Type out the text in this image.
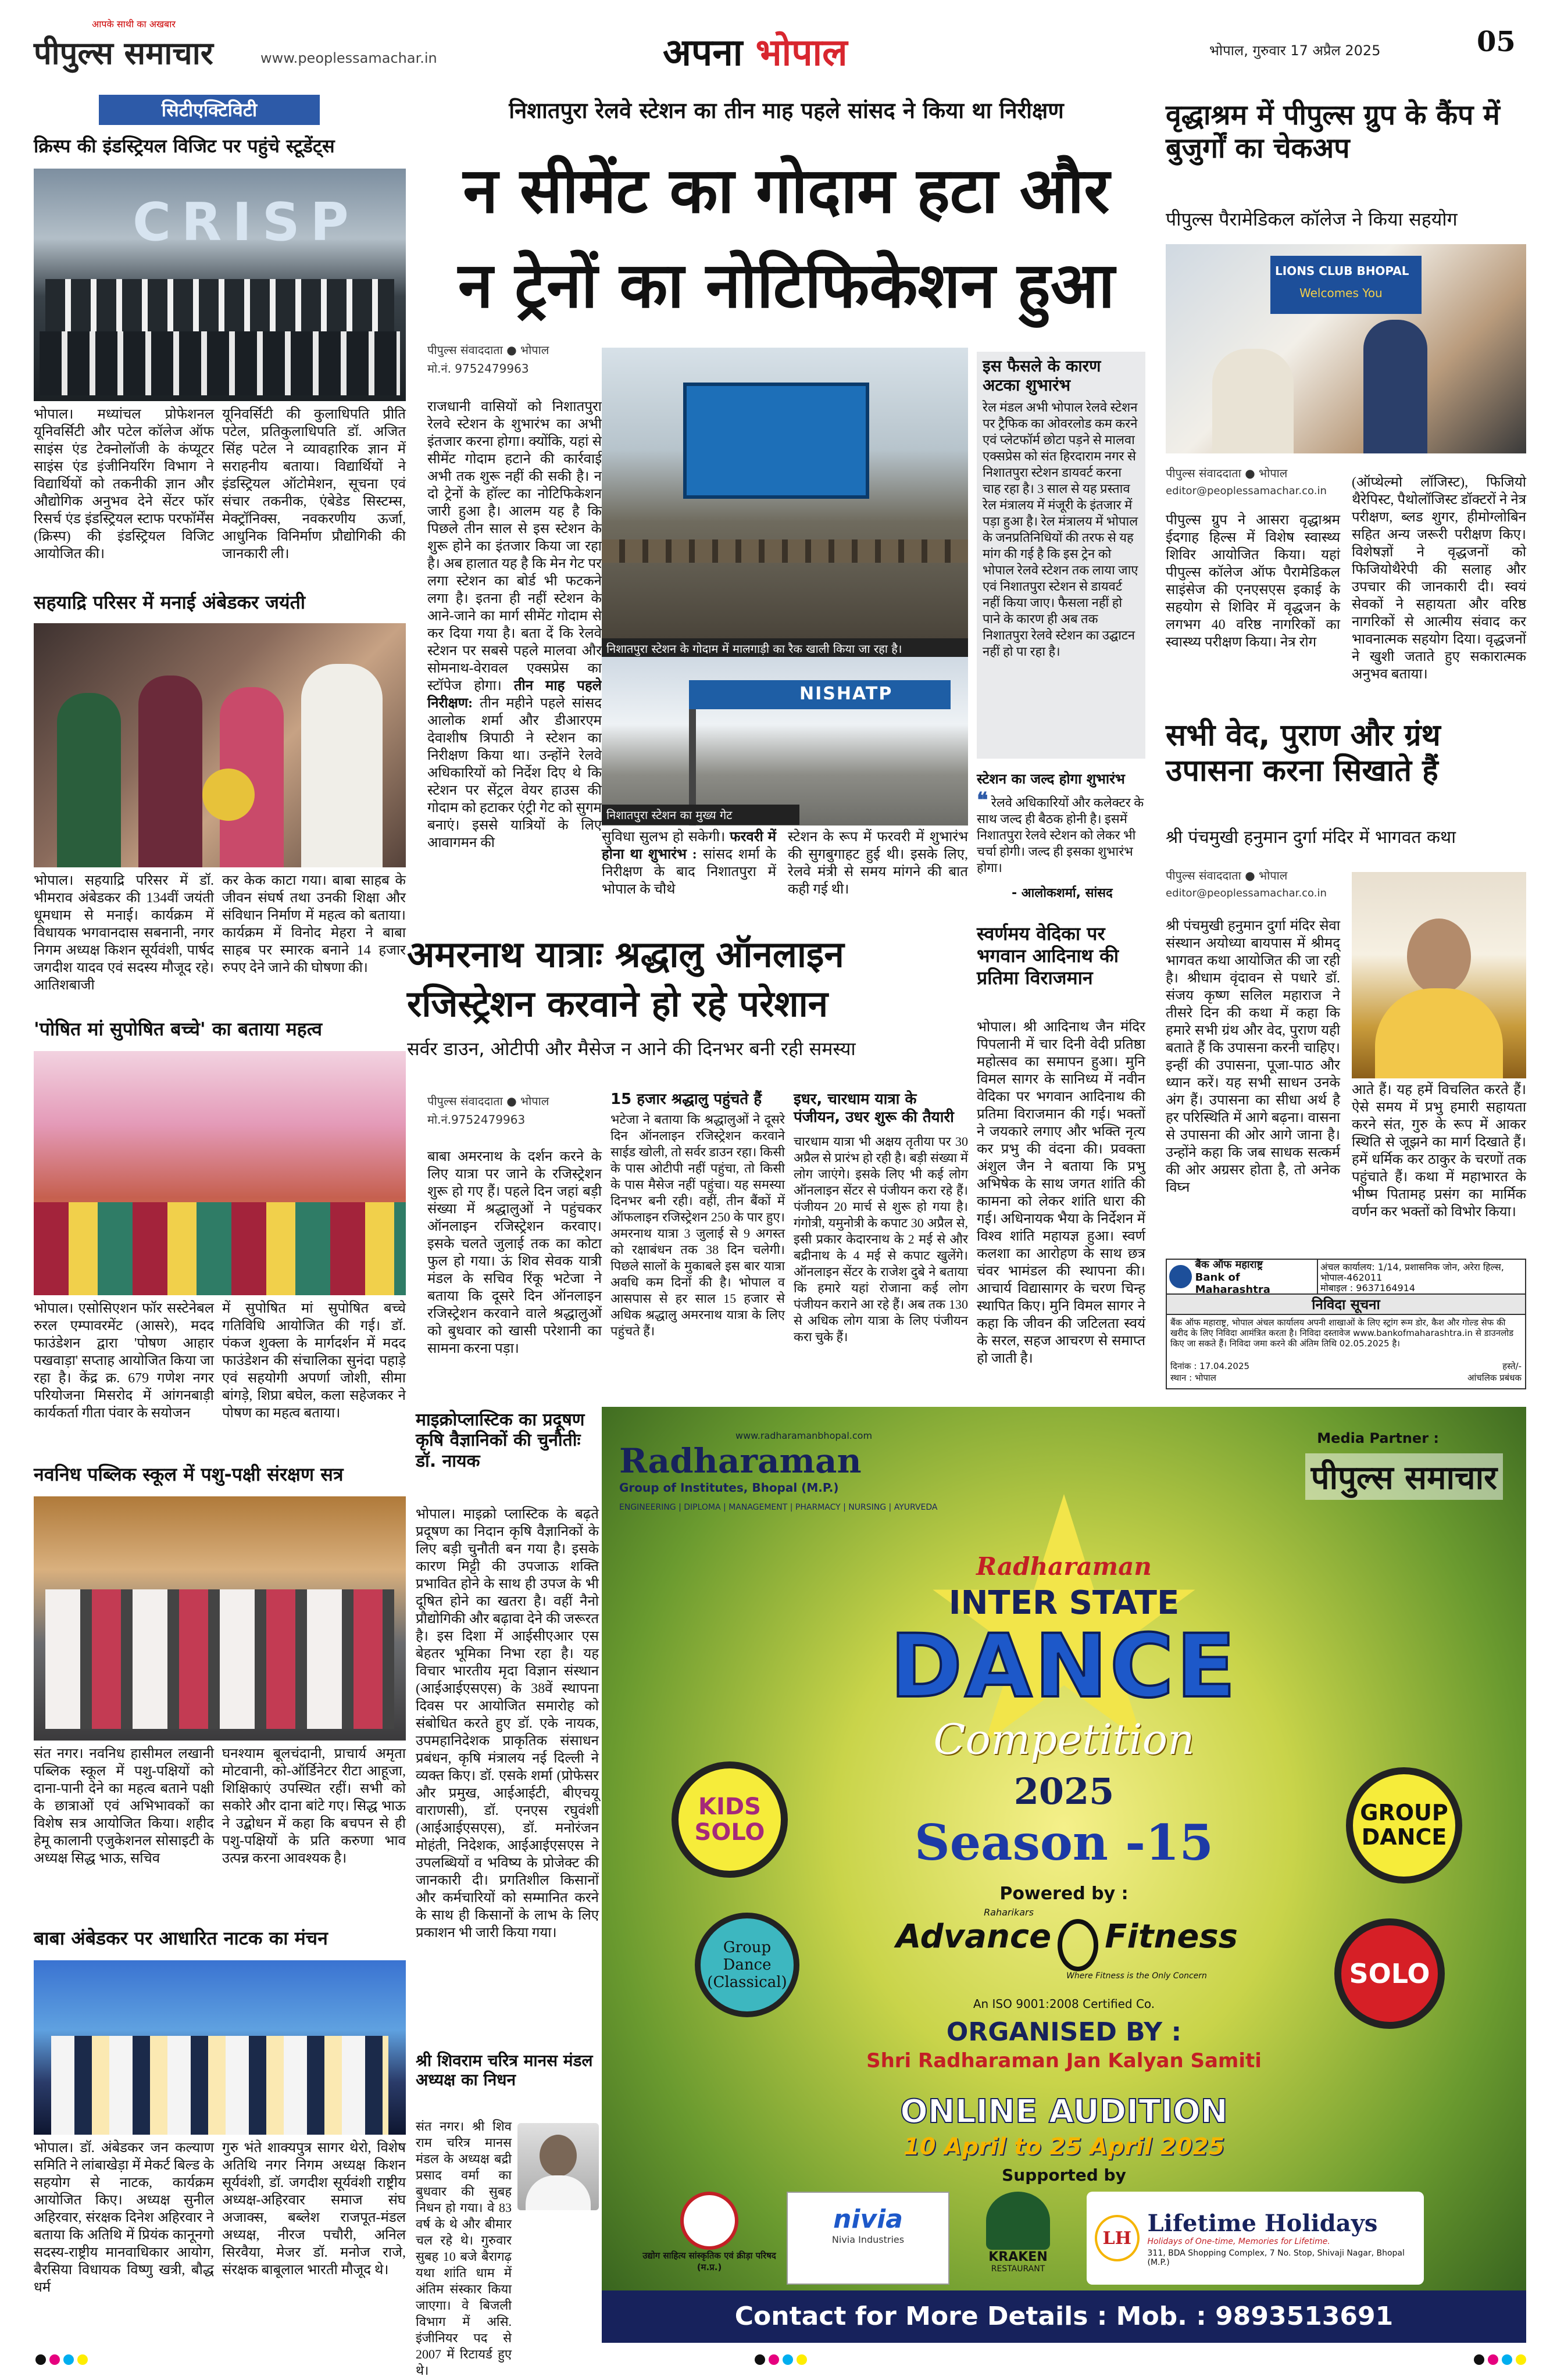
आपके साथी का अखबार
पीपुल्स समाचार	www.peoplessamachar.in	अपना भोपाल	भोपाल, गुरुवार 17 अप्रैल 2025	05
सिटीएक्टिविटी
क्रिस्प की इंडस्ट्रियल विजिट पर पहुंचे स्टूडेंट्स
CRISP
भोपाल। मध्यांचल प्रोफेशनल यूनिवर्सिटी और पटेल कॉलेज ऑफ साइंस एंड टेक्नोलॉजी के कंप्यूटर साइंस एंड इंजीनियरिंग विभाग ने विद्यार्थियों को तकनीकी ज्ञान और औद्योगिक अनुभव देने सेंटर फॉर रिसर्च एंड इंडस्ट्रियल स्टाफ परफॉर्मेंस (क्रिस्प) की इंडस्ट्रियल विजिट आयोजित की।
यूनिवर्सिटी की कुलाधिपति प्रीति पटेल, प्रतिकुलाधिपति डॉ. अजित सिंह पटेल ने व्यावहारिक ज्ञान में सराहनीय बताया। विद्यार्थियों ने इंडस्ट्रियल ऑटोमेशन, सूचना एवं संचार तकनीक, एंबेडेड सिस्टम्स, मेक्ट्रॉनिक्स, नवकरणीय ऊर्जा, आधुनिक विनिर्माण प्रौद्योगिकी की जानकारी ली।
सहयाद्रि परिसर में मनाई अंबेडकर जयंती
भोपाल। सहयाद्रि परिसर में डॉ. भीमराव अंबेडकर की 134वीं जयंती धूमधाम से मनाई। कार्यक्रम में विधायक भगवानदास सबनानी, नगर निगम अध्यक्ष किशन सूर्यवंशी, पार्षद जगदीश यादव एवं सदस्य मौजूद रहे। आतिशबाजी
कर केक काटा गया। बाबा साहब के जीवन संघर्ष तथा उनकी शिक्षा और संविधान निर्माण में महत्व को बताया। कार्यक्रम में विनोद मेहरा ने बाबा साहब पर स्मारक बनाने 14 हजार रुपए देने जाने की घोषणा की।
'पोषित मां सुपोषित बच्चे' का बताया महत्व
भोपाल। एसोसिएशन फॉर सस्टेनेबल रुरल एम्पावरमेंट (आसरे), मदद फाउंडेशन द्वारा 'पोषण आहार पखवाड़ा' सप्ताह आयोजित किया जा रहा है। केंद्र क्र. 679 गणेश नगर परियोजना मिसरोद में आंगनबाड़ी कार्यकर्ता गीता पंवार के सयोजन
में सुपोषित मां सुपोषित बच्चे गतिविधि आयोजित की गई। डॉ. पंकज शुक्ला के मार्गदर्शन में मदद फाउंडेशन की संचालिका सुनंदा पहाड़े एवं सहयोगी अपर्णा जोशी, सीमा बांगड़े, शिप्रा बघेल, कला सहेजकर ने पोषण का महत्व बताया।
नवनिध पब्लिक स्कूल में पशु-पक्षी संरक्षण सत्र
संत नगर। नवनिध हासीमल लखानी पब्लिक स्कूल में पशु-पक्षियों को दाना-पानी देने का महत्व बताने पक्षी के छात्राओं एवं अभिभावकों का विशेष सत्र आयोजित किया। शहीद हेमू कालानी एजुकेशनल सोसाइटी के अध्यक्ष सिद्ध भाऊ, सचिव
घनश्याम बूलचंदानी, प्राचार्य अमृता मोटवानी, को-ऑर्डिनेटर रीटा आहूजा, शिक्षिकाएं उपस्थित रहीं। सभी को सकोरे और दाना बांटे गए। सिद्ध भाऊ ने उद्बोधन में कहा कि बचपन से ही पशु-पक्षियों के प्रति करुणा भाव उत्पन्न करना आवश्यक है।
बाबा अंबेडकर पर आधारित नाटक का मंचन
भोपाल। डॉ. अंबेडकर जन कल्याण समिति ने लांबाखेड़ा में मेकर्ट बिल्ड के सहयोग से नाटक, कार्यक्रम आयोजित किए। अध्यक्ष सुनील अहिरवार, संरक्षक दिनेश अहिरवार ने बताया कि अतिथि में प्रियंक कानूनगो सदस्य-राष्ट्रीय मानवाधिकार आयोग, बैरसिया विधायक विष्णु खत्री, बौद्ध धर्म
गुरु भंते शाक्यपुत्र सागर थेरो, विशेष अतिथि नगर निगम अध्यक्ष किशन सूर्यवंशी, डॉ. जगदीश सूर्यवंशी राष्ट्रीय अध्यक्ष-अहिरवार समाज संघ अजाक्स, बब्लेश राजपूत-मंडल अध्यक्ष, नीरज पचौरी, अनिल सिरवैया, मेजर डॉ. मनोज राजे, संरक्षक बाबूलाल भारती मौजूद थे।
निशातपुरा रेलवे स्टेशन का तीन माह पहले सांसद ने किया था निरीक्षण
न सीमेंट का गोदाम हटा और
न ट्रेनों का नोटिफिकेशन हुआ
पीपुल्स संवाददाता ● भोपाल
मो.नं. 9752479963
राजधानी वासियों को निशातपुरा रेलवे स्टेशन के शुभारंभ का अभी इंतजार करना होगा। क्योंकि, यहां से सीमेंट गोदाम हटाने की कार्रवाई अभी तक शुरू नहीं की सकी है। न दो ट्रेनों के हॉल्ट का नोटिफिकेशन जारी हुआ है। आलम यह है कि पिछले तीन साल से इस स्टेशन के शुरू होने का इंतजार किया जा रहा है। अब हालात यह है कि मेन गेट पर लगा स्टेशन का बोर्ड भी फटकने लगा है। इतना ही नहीं स्टेशन के आने-जाने का मार्ग सीमेंट गोदाम से कर दिया गया है। बता दें कि रेलवे स्टेशन पर सबसे पहले मालवा और सोमनाथ-वेरावल एक्सप्रेस का स्टॉपेज होगा। तीन माह पहले निरीक्षण: तीन महीने पहले सांसद आलोक शर्मा और डीआरएम देवाशीष त्रिपाठी ने स्टेशन का निरीक्षण किया था। उन्होंने रेलवे अधिकारियों को निर्देश दिए थे कि स्टेशन पर सेंट्रल वेयर हाउस की गोदाम को हटाकर एंट्री गेट को सुगम बनाएं। इससे यात्रियों के लिए आवागमन की
निशातपुरा स्टेशन के गोदाम में मालगाड़ी का रैक खाली किया जा रहा है।
NISHATP
निशातपुरा स्टेशन का मुख्य गेट
सुविधा सुलभ हो सकेगी। फरवरी में होना था शुभारंभ : सांसद शर्मा के निरीक्षण के बाद निशातपुरा में भोपाल के चौथे
स्टेशन के रूप में फरवरी में शुभारंभ की सुगबुगाहट हुई थी। इसके लिए, रेलवे मंत्री से समय मांगने की बात कही गई थी।
इस फैसले के कारण अटका शुभारंभ
रेल मंडल अभी भोपाल रेलवे स्टेशन पर ट्रैफिक का ओवरलोड कम करने एवं प्लेटफॉर्म छोटा पड़ने से मालवा एक्सप्रेस को संत हिरदाराम नगर से निशातपुरा स्टेशन डायवर्ट करना चाह रहा है। 3 साल से यह प्रस्ताव रेल मंत्रालय में मंजूरी के इंतजार में पड़ा हुआ है। रेल मंत्रालय में भोपाल के जनप्रतिनिधियों की तरफ से यह मांग की गई है कि इस ट्रेन को भोपाल रेलवे स्टेशन तक लाया जाए एवं निशातपुरा स्टेशन से डायवर्ट नहीं किया जाए। फैसला नहीं हो पाने के कारण ही अब तक निशातपुरा रेलवे स्टेशन का उद्घाटन नहीं हो पा रहा है।
स्टेशन का जल्द होगा शुभारंभ
❝ रेलवे अधिकारियों और कलेक्टर के साथ जल्द ही बैठक होनी है। इसमें निशातपुरा रेलवे स्टेशन को लेकर भी चर्चा होगी। जल्द ही इसका शुभारंभ होगा।
- आलोकशर्मा, सांसद
अमरनाथ यात्राः श्रद्धालु ऑनलाइन
रजिस्ट्रेशन करवाने हो रहे परेशान
सर्वर डाउन, ओटीपी और मैसेज न आने की दिनभर बनी रही समस्या
पीपुल्स संवाददाता ● भोपाल
मो.नं.9752479963
बाबा अमरनाथ के दर्शन करने के लिए यात्रा पर जाने के रजिस्ट्रेशन शुरू हो गए हैं। पहले दिन जहां बड़ी संख्या में श्रद्धालुओं ने पहुंचकर ऑनलाइन रजिस्ट्रेशन करवाए। इसके चलते जुलाई तक का कोटा फुल हो गया। ऊं शिव सेवक यात्री मंडल के सचिव रिंकू भटेजा ने बताया कि दूसरे दिन ऑनलाइन रजिस्ट्रेशन करवाने वाले श्रद्धालुओं को बुधवार को खासी परेशानी का सामना करना पड़ा।
15 हजार श्रद्धालु पहुंचते हैं
भटेजा ने बताया कि श्रद्धालुओं ने दूसरे दिन ऑनलाइन रजिस्ट्रेशन करवाने साईड खोली, तो सर्वर डाउन रहा। किसी के पास ओटीपी नहीं पहुंचा, तो किसी के पास मैसेज नहीं पहुंचा। यह समस्या दिनभर बनी रही। वहीं, तीन बैंकों में ऑफलाइन रजिस्ट्रेशन 250 के पार हुए। अमरनाथ यात्रा 3 जुलाई से 9 अगस्त को रक्षाबंधन तक 38 दिन चलेगी। पिछले सालों के मुकाबले इस बार यात्रा अवधि कम दिनों की है। भोपाल व आसपास से हर साल 15 हजार से अधिक श्रद्धालु अमरनाथ यात्रा के लिए पहुंचते हैं।
इधर, चारधाम यात्रा के पंजीयन, उधर शुरू की तैयारी
चारधाम यात्रा भी अक्षय तृतीया पर 30 अप्रैल से प्रारंभ हो रही है। बड़ी संख्या में लोग जाएंगे। इसके लिए भी कई लोग ऑनलाइन सेंटर से पंजीयन करा रहे हैं। पंजीयन 20 मार्च से शुरू हो गया है। गंगोत्री, यमुनोत्री के कपाट 30 अप्रैल से, इसी प्रकार केदारनाथ के 2 मई से और बद्रीनाथ के 4 मई से कपाट खुलेंगे। ऑनलाइन सेंटर के राजेश दुबे ने बताया कि हमारे यहां रोजाना कई लोग पंजीयन कराने आ रहे हैं। अब तक 130 से अधिक लोग यात्रा के लिए पंजीयन करा चुके हैं।
स्वर्णमय वेदिका पर भगवान आदिनाथ की प्रतिमा विराजमान
भोपाल। श्री आदिनाथ जैन मंदिर पिपलानी में चार दिनी वेदी प्रतिष्ठा महोत्सव का समापन हुआ। मुनि विमल सागर के सानिध्य में नवीन वेदिका पर भगवान आदिनाथ की प्रतिमा विराजमान की गई। भक्तों ने जयकारे लगाए और भक्ति नृत्य कर प्रभु की वंदना की। प्रवक्ता अंशुल जैन ने बताया कि प्रभु अभिषेक के साथ जगत शांति की कामना को लेकर शांति धारा की गई। अधिनायक भैया के निर्देशन में विश्व शांति महायज्ञ हुआ। स्वर्ण कलशा का आरोहण के साथ छत्र चंवर भामंडल की स्थापना की। आचार्य विद्यासागर के चरण चिन्ह स्थापित किए। मुनि विमल सागर ने कहा कि जीवन की जटिलता स्वयं के सरल, सहज आचरण से समाप्त हो जाती है।
माइक्रोप्लास्टिक का प्रदूषण कृषि वैज्ञानिकों की चुनौतीः डॉ. नायक
भोपाल। माइक्रो प्लास्टिक के बढ़ते प्रदूषण का निदान कृषि वैज्ञानिकों के लिए बड़ी चुनौती बन गया है। इसके कारण मिट्टी की उपजाऊ शक्ति प्रभावित होने के साथ ही उपज के भी दूषित होने का खतरा है। वहीं नैनो प्रौद्योगिकी और बढ़ावा देने की जरूरत है। इस दिशा में आईसीएआर एस बेहतर भूमिका निभा रहा है। यह विचार भारतीय मृदा विज्ञान संस्थान (आईआईएसएस) के 38वें स्थापना दिवस पर आयोजित समारोह को संबोधित करते हुए डॉ. एके नायक, उपमहानिदेशक प्राकृतिक संसाधन प्रबंधन, कृषि मंत्रालय नई दिल्ली ने व्यक्त किए। डॉ. एसके शर्मा (प्रोफेसर और प्रमुख, आईआईटी, बीएचयू वाराणसी), डॉ. एनएस रघुवंशी (आईआईएसएस), डॉ. मनोरंजन मोहंती, निदेशक, आईआईएसएस ने उपलब्धियों व भविष्य के प्रोजेक्ट की जानकारी दी। प्रगतिशील किसानों और कर्मचारियों को सम्मानित करने के साथ ही किसानों के लाभ के लिए प्रकाशन भी जारी किया गया।
श्री शिवराम चरित्र मानस मंडल अध्यक्ष का निधन
संत नगर। श्री शिव राम चरित्र मानस मंडल के अध्यक्ष बद्री प्रसाद वर्मा का बुधवार की सुबह निधन हो गया। वे 83 वर्ष के थे और बीमार चल रहे थे। गुरुवार सुबह 10 बजे बैरागढ़ यथा शांति धाम में अंतिम संस्कार किया जाएगा। वे बिजली विभाग में असि. इंजीनियर पद से 2007 में रिटायर्ड हुए थे।
वृद्धाश्रम में पीपुल्स ग्रुप के कैंप में बुजुर्गों का चेकअप
पीपुल्स पैरामेडिकल कॉलेज ने किया सहयोग
LIONS CLUB BHOPAL
Welcomes You
पीपुल्स संवाददाता ● भोपाल
editor@peoplessamachar.co.in
पीपुल्स ग्रुप ने आसरा वृद्धाश्रम ईदगाह हिल्स में विशेष स्वास्थ्य शिविर आयोजित किया। यहां पीपुल्स कॉलेज ऑफ पैरामेडिकल साइंसेज की एनएसएस इकाई के सहयोग से शिविर में वृद्धजन के लगभग 40 वरिष्ठ नागरिकों का स्वास्थ्य परीक्षण किया। नेत्र रोग
(ऑप्थेल्मो लॉजिस्ट), फिजियो थैरेपिस्ट, पैथोलॉजिस्ट डॉक्टरों ने नेत्र परीक्षण, ब्लड शुगर, हीमोग्लोबिन सहित अन्य जरूरी परीक्षण किए। विशेषज्ञों ने वृद्धजनों को फिजियोथैरेपी की सलाह और उपचार की जानकारी दी। स्वयं सेवकों ने सहायता और वरिष्ठ नागरिकों से आत्मीय संवाद कर भावनात्मक सहयोग दिया। वृद्धजनों ने खुशी जताते हुए सकारात्मक अनुभव बताया।
सभी वेद, पुराण और ग्रंथ उपासना करना सिखाते हैं
श्री पंचमुखी हनुमान दुर्गा मंदिर में भागवत कथा
पीपुल्स संवाददाता ● भोपाल
editor@peoplessamachar.co.in
श्री पंचमुखी हनुमान दुर्गा मंदिर सेवा संस्थान अयोध्या बायपास में श्रीमद् भागवत कथा आयोजित की जा रही है। श्रीधाम वृंदावन से पधारे डॉ. संजय कृष्ण सलिल महाराज ने तीसरे दिन की कथा में कहा कि हमारे सभी ग्रंथ और वेद, पुराण यही बताते हैं कि उपासना करनी चाहिए। इन्हीं की उपासना, पूजा-पाठ और ध्यान करें। यह सभी साधन उनके अंग हैं। उपासना का सीधा अर्थ है हर परिस्थिति में आगे बढ़ना। वासना से उपासना की ओर आगे जाना है। उन्होंने कहा कि जब साधक सत्कर्म की ओर अग्रसर होता है, तो अनेक विघ्न
आते हैं। यह हमें विचलित करते हैं। ऐसे समय में प्रभु हमारी सहायता करने संत, गुरु के रूप में आकर स्थिति से जूझने का मार्ग दिखाते हैं। हमें धर्मिक कर ठाकुर के चरणों तक पहुंचाते हैं। कथा में महाभारत के भीष्म पितामह प्रसंग का मार्मिक वर्णन कर भक्तों को विभोर किया।
बैंक ऑफ महाराष्ट्र
Bank of Maharashtra
अंचल कार्यालय: 1/14, प्रशासनिक जोन, अरेरा हिल्स, भोपाल-462011
मोबाइल : 9637164914
निविदा सूचना
बैंक ऑफ महाराष्ट्र, भोपाल अंचल कार्यालय अपनी शाखाओं के लिए स्ट्रांग रूम डोर, कैश और गोल्ड सेफ की खरीद के लिए निविदा आमंत्रित करता है। निविदा दस्तावेज www.bankofmaharashtra.in से डाउनलोड किए जा सकते हैं। निविदा जमा करने की अंतिम तिथि 02.05.2025 है।
दिनांक : 17.04.2025
स्थान : भोपाल
हस्ते/-
आंचलिक प्रबंधक
www.radharamanbhopal.com
Radharaman
Group of Institutes, Bhopal (M.P.)
ENGINEERING | DIPLOMA | MANAGEMENT | PHARMACY | NURSING | AYURVEDA
Media Partner :
पीपुल्स समाचार
Radharaman
INTER STATE
DANCE
Competition
2025
Season -15
KIDS SOLO
GROUP DANCE
Group Dance (Classical)	SOLO
Powered by :
Raharikars
Advance Fitness
Where Fitness is the Only Concern
An ISO 9001:2008 Certified Co.
ORGANISED BY :
Shri Radharaman Jan Kalyan Samiti
ONLINE AUDITION
10 April to 25 April 2025
Supported by
उद्योग साहित्य सांस्कृतिक एवं क्रीड़ा परिषद (म.प्र.)
nivia
Nivia Industries
KRAKEN
RESTAURANT
LH
Lifetime Holidays
Holidays of One-time, Memories for Lifetime.
311, BDA Shopping Complex, 7 No. Stop, Shivaji Nagar, Bhopal (M.P.)
Contact for More Details : Mob. : 9893513691
